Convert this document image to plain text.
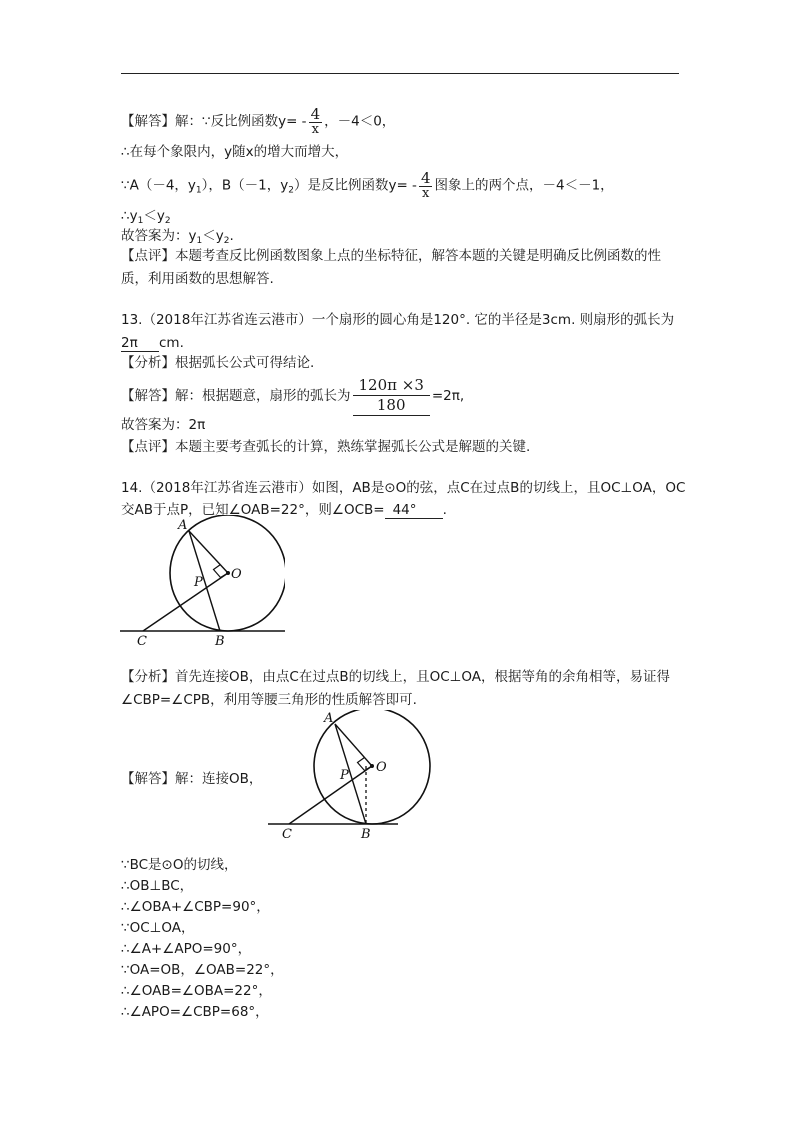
【解答】解：∵反比例函数$y= - \frac{4}{x}$ ，－4＜0，
∴在每个象限内，y随x的增大而增大，
∵A（－4，$y_1$），B（－1，$y_2$）是反比例函数$y= - \frac{4}{x}$ 图象上的两个点，－4＜－1，
$\therefore y_1<y_2$
故答案为：$y_1<y_2$.
【点评】本题考查反比例函数图象上点的坐标特征，解答本题的关键是明确反比例函数的性
质，利用函数的思想解答.
13.（2018年江苏省连云港市）一个扇形的圆心角是120°. 它的半径是3cm. 则扇形的弧长为
2π cm.
【分析】根据弧长公式可得结论.
【解答】解：根据题意，扇形的弧长为 $\frac{120\pi \times 3}{180} =2\pi$,
故答案为：2π
【点评】本题主要考查弧长的计算，熟练掌握弧长公式是解题的关键.
14.（2018年江苏省连云港市）如图，AB是⊙O的弦，点C在过点B的切线上，且OC⊥OA，OC
交AB于点P，已知∠OAB=22°，则∠OCB= 44° .
A
O
P
C	B
【分析】首先连接OB，由点C在过点B的切线上，且OC⊥OA，根据等角的余角相等，易证得
∠CBP=∠CPB，利用等腰三角形的性质解答即可.
【解答】解：连接OB，
A
O
P
C	B
∵BC是⊙O的切线，
∴OB⊥BC，
∴∠OBA+∠CBP=90°，
∵OC⊥OA，
∴∠A+∠APO=90°，
∵OA=OB，∠OAB=22°，
∴∠OAB=∠OBA=22°，
∴∠APO=∠CBP=68°，
